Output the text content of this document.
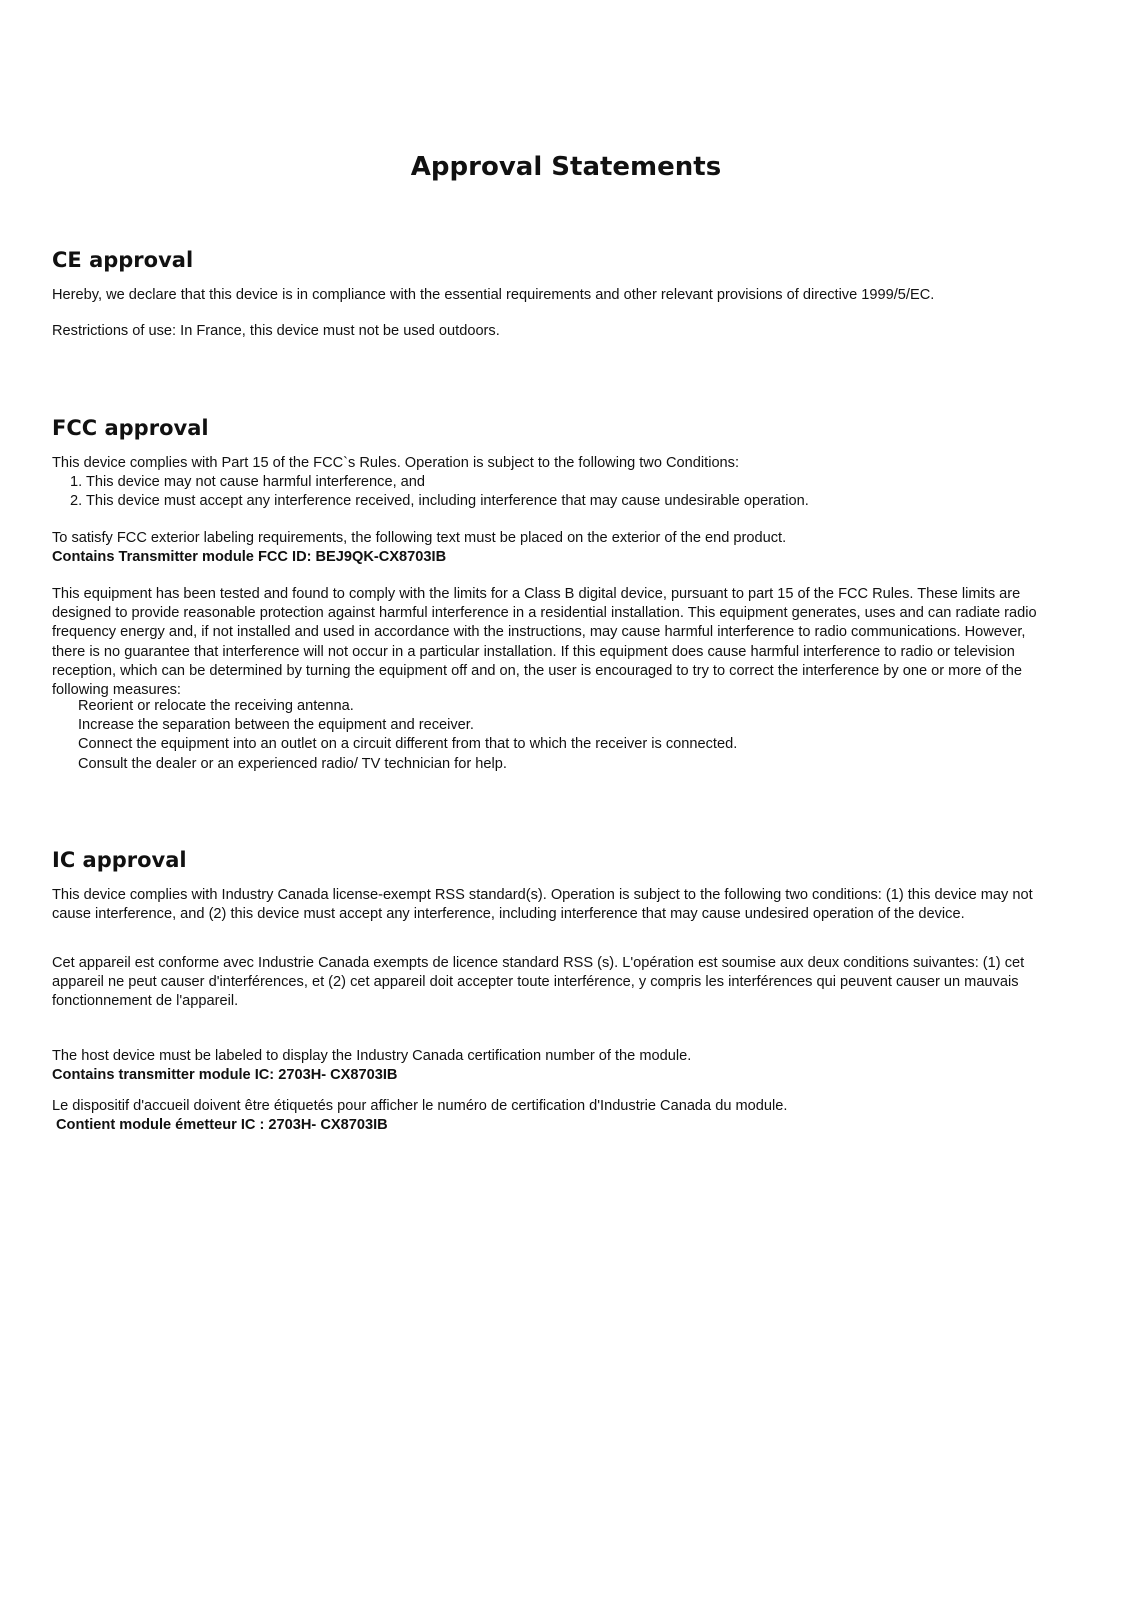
Approval Statements
CE approval
Hereby, we declare that this device is in compliance with the essential requirements and other relevant provisions of directive 1999/5/EC.
Restrictions of use: In France, this device must not be used outdoors.
FCC approval
This device complies with Part 15 of the FCC`s Rules. Operation is subject to the following two Conditions:
1. This device may not cause harmful interference, and
2. This device must accept any interference received, including interference that may cause undesirable operation.
To satisfy FCC exterior labeling requirements, the following text must be placed on the exterior of the end product.
Contains Transmitter module FCC ID: BEJ9QK-CX8703IB
This equipment has been tested and found to comply with the limits for a Class B digital device, pursuant to part 15 of the FCC Rules. These limits are designed to provide reasonable protection against harmful interference in a residential installation. This equipment generates, uses and can radiate radio frequency energy and, if not installed and used in accordance with the instructions, may cause harmful interference to radio communications. However, there is no guarantee that interference will not occur in a particular installation. If this equipment does cause harmful interference to radio or television reception, which can be determined by turning the equipment off and on, the user is encouraged to try to correct the interference by one or more of the following measures:
Reorient or relocate the receiving antenna.
Increase the separation between the equipment and receiver.
Connect the equipment into an outlet on a circuit different from that to which the receiver is connected.
Consult the dealer or an experienced radio/ TV technician for help.
IC approval
This device complies with Industry Canada license-exempt RSS standard(s). Operation is subject to the following two conditions: (1) this device may not cause interference, and (2) this device must accept any interference, including interference that may cause undesired operation of the device.
Cet appareil est conforme avec Industrie Canada exempts de licence standard RSS (s). L'opération est soumise aux deux conditions suivantes: (1) cet appareil ne peut causer d'interférences, et (2) cet appareil doit accepter toute interférence, y compris les interférences qui peuvent causer un mauvais fonctionnement de l'appareil.
The host device must be labeled to display the Industry Canada certification number of the module.
Contains transmitter module IC: 2703H- CX8703IB
Le dispositif d'accueil doivent être étiquetés pour afficher le numéro de certification d'Industrie Canada du module.
Contient module émetteur IC : 2703H- CX8703IB
